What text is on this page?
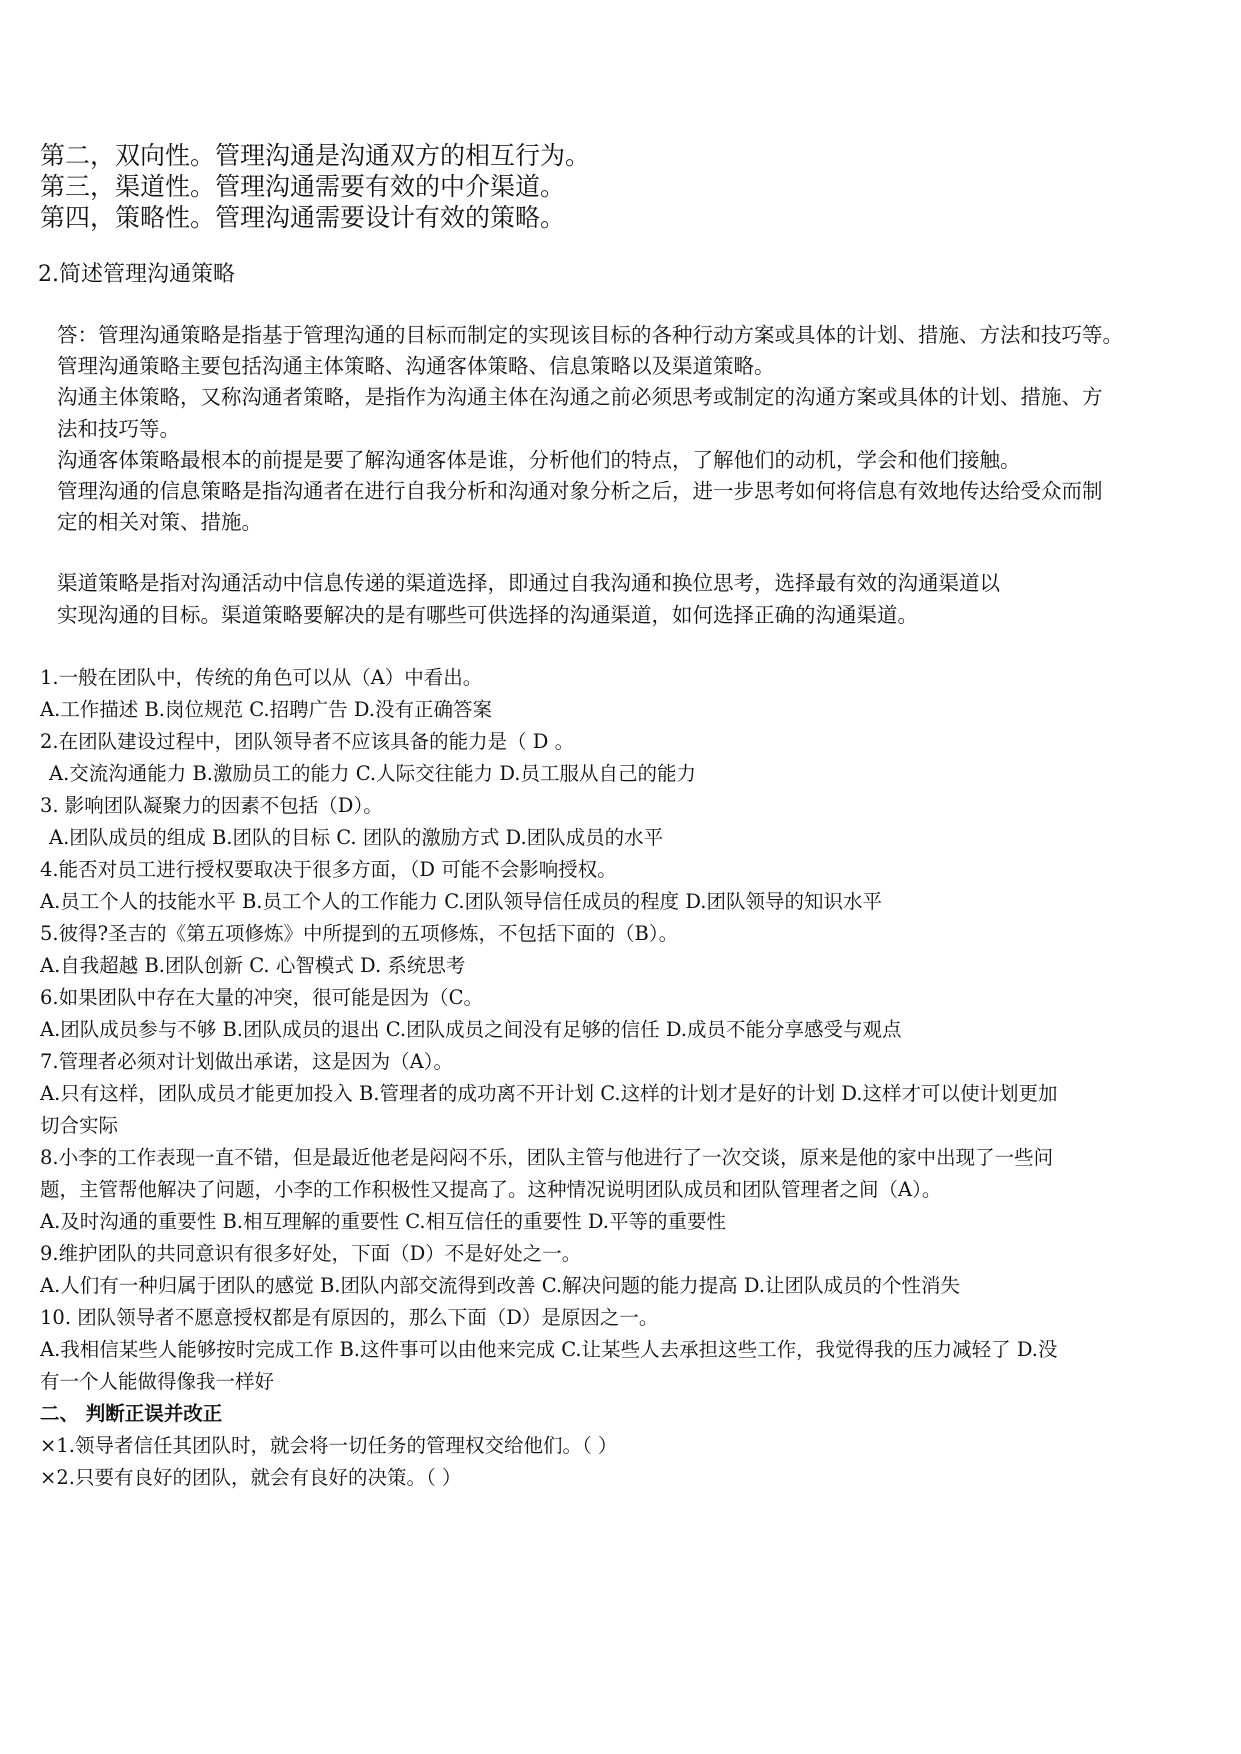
第二，双向性。管理沟通是沟通双方的相互行为。
第三，渠道性。管理沟通需要有效的中介渠道。
第四，策略性。管理沟通需要设计有效的策略。
2.简述管理沟通策略
答：管理沟通策略是指基于管理沟通的目标而制定的实现该目标的各种行动方案或具体的计划、措施、方法和技巧等。
管理沟通策略主要包括沟通主体策略、沟通客体策略、信息策略以及渠道策略。
沟通主体策略，又称沟通者策略，是指作为沟通主体在沟通之前必须思考或制定的沟通方案或具体的计划、措施、方
法和技巧等。
沟通客体策略最根本的前提是要了解沟通客体是谁，分析他们的特点，了解他们的动机，学会和他们接触。
管理沟通的信息策略是指沟通者在进行自我分析和沟通对象分析之后，进一步思考如何将信息有效地传达给受众而制
定的相关对策、措施。
渠道策略是指对沟通活动中信息传递的渠道选择，即通过自我沟通和换位思考，选择最有效的沟通渠道以
实现沟通的目标。渠道策略要解决的是有哪些可供选择的沟通渠道，如何选择正确的沟通渠道。
1.一般在团队中，传统的角色可以从（A）中看出。
A.工作描述 B.岗位规范 C.招聘广告 D.没有正确答案
2.在团队建设过程中，团队领导者不应该具备的能力是（ D 。
A.交流沟通能力 B.激励员工的能力 C.人际交往能力 D.员工服从自己的能力
3. 影响团队凝聚力的因素不包括（D）。
A.团队成员的组成 B.团队的目标 C. 团队的激励方式 D.团队成员的水平
4.能否对员工进行授权要取决于很多方面，（D 可能不会影响授权。
A.员工个人的技能水平 B.员工个人的工作能力 C.团队领导信任成员的程度 D.团队领导的知识水平
5.彼得?圣吉的《第五项修炼》中所提到的五项修炼，不包括下面的（B）。
A.自我超越 B.团队创新 C. 心智模式 D. 系统思考
6.如果团队中存在大量的冲突，很可能是因为（C。
A.团队成员参与不够 B.团队成员的退出 C.团队成员之间没有足够的信任 D.成员不能分享感受与观点
7.管理者必须对计划做出承诺，这是因为（A）。
A.只有这样，团队成员才能更加投入 B.管理者的成功离不开计划 C.这样的计划才是好的计划 D.这样才可以使计划更加
切合实际
8.小李的工作表现一直不错，但是最近他老是闷闷不乐，团队主管与他进行了一次交谈，原来是他的家中出现了一些问
题，主管帮他解决了问题，小李的工作积极性又提高了。这种情况说明团队成员和团队管理者之间（A）。
A.及时沟通的重要性 B.相互理解的重要性 C.相互信任的重要性 D.平等的重要性
9.维护团队的共同意识有很多好处，下面（D）不是好处之一。
A.人们有一种归属于团队的感觉 B.团队内部交流得到改善 C.解决问题的能力提高 D.让团队成员的个性消失
10. 团队领导者不愿意授权都是有原因的，那么下面（D）是原因之一。
A.我相信某些人能够按时完成工作 B.这件事可以由他来完成 C.让某些人去承担这些工作，我觉得我的压力减轻了 D.没
有一个人能做得像我一样好
二、 判断正误并改正
×1.领导者信任其团队时，就会将一切任务的管理权交给他们。（ ）
×2.只要有良好的团队，就会有良好的决策。（ ）
